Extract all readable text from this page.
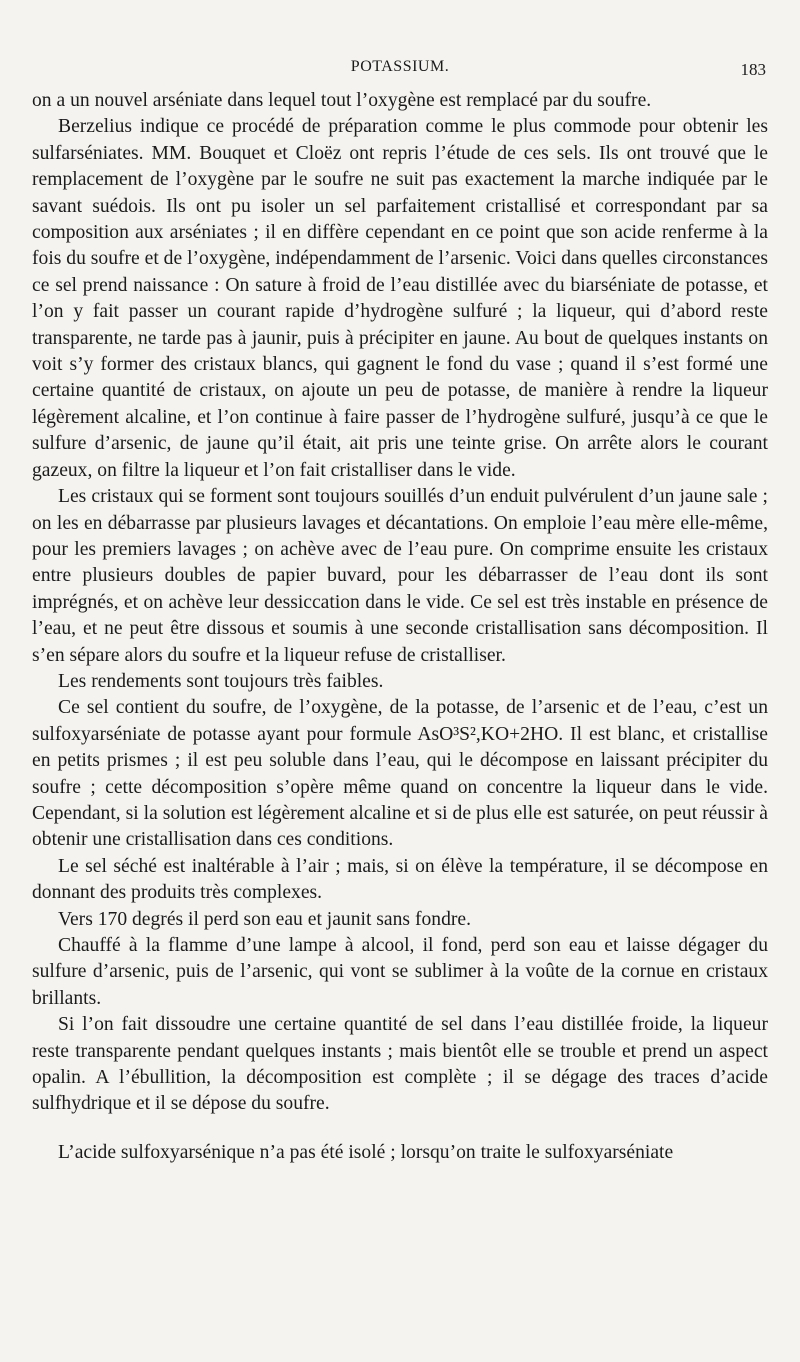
POTASSIUM.	183

on a un nouvel arséniate dans lequel tout l’oxygène est remplacé par du soufre.

Berzelius indique ce procédé de préparation comme le plus commode pour obtenir les sulfarséniates. MM. Bouquet et Cloëz ont repris l’étude de ces sels. Ils ont trouvé que le remplacement de l’oxygène par le soufre ne suit pas exactement la marche indiquée par le savant suédois. Ils ont pu isoler un sel parfaitement cristallisé et correspondant par sa composition aux arséniates ; il en diffère cependant en ce point que son acide renferme à la fois du soufre et de l’oxygène, indépendamment de l’arsenic. Voici dans quelles circonstances ce sel prend naissance : On sature à froid de l’eau distillée avec du biarséniate de potasse, et l’on y fait passer un courant rapide d’hydrogène sulfuré ; la liqueur, qui d’abord reste transparente, ne tarde pas à jaunir, puis à précipiter en jaune. Au bout de quelques instants on voit s’y former des cristaux blancs, qui gagnent le fond du vase ; quand il s’est formé une certaine quantité de cristaux, on ajoute un peu de potasse, de manière à rendre la liqueur légèrement alcaline, et l’on continue à faire passer de l’hydrogène sulfuré, jusqu’à ce que le sulfure d’arsenic, de jaune qu’il était, ait pris une teinte grise. On arrête alors le courant gazeux, on filtre la liqueur et l’on fait cristalliser dans le vide.

Les cristaux qui se forment sont toujours souillés d’un enduit pulvérulent d’un jaune sale ; on les en débarrasse par plusieurs lavages et décantations. On emploie l’eau mère elle-même, pour les premiers lavages ; on achève avec de l’eau pure. On comprime ensuite les cristaux entre plusieurs doubles de papier buvard, pour les débarrasser de l’eau dont ils sont imprégnés, et on achève leur dessiccation dans le vide. Ce sel est très instable en présence de l’eau, et ne peut être dissous et soumis à une seconde cristallisation sans décomposition. Il s’en sépare alors du soufre et la liqueur refuse de cristalliser.

Les rendements sont toujours très faibles.

Ce sel contient du soufre, de l’oxygène, de la potasse, de l’arsenic et de l’eau, c’est un sulfoxyarséniate de potasse ayant pour formule AsO³S²,KO+2HO. Il est blanc, et cristallise en petits prismes ; il est peu soluble dans l’eau, qui le décompose en laissant précipiter du soufre ; cette décomposition s’opère même quand on concentre la liqueur dans le vide. Cependant, si la solution est légèrement alcaline et si de plus elle est saturée, on peut réussir à obtenir une cristallisation dans ces conditions.

Le sel séché est inaltérable à l’air ; mais, si on élève la température, il se décompose en donnant des produits très complexes.

Vers 170 degrés il perd son eau et jaunit sans fondre.

Chauffé à la flamme d’une lampe à alcool, il fond, perd son eau et laisse dégager du sulfure d’arsenic, puis de l’arsenic, qui vont se sublimer à la voûte de la cornue en cristaux brillants.

Si l’on fait dissoudre une certaine quantité de sel dans l’eau distillée froide, la liqueur reste transparente pendant quelques instants ; mais bientôt elle se trouble et prend un aspect opalin. A l’ébullition, la décomposition est complète ; il se dégage des traces d’acide sulfhydrique et il se dépose du soufre.

L’acide sulfoxyarsénique n’a pas été isolé ; lorsqu’on traite le sulfoxyarséniate
